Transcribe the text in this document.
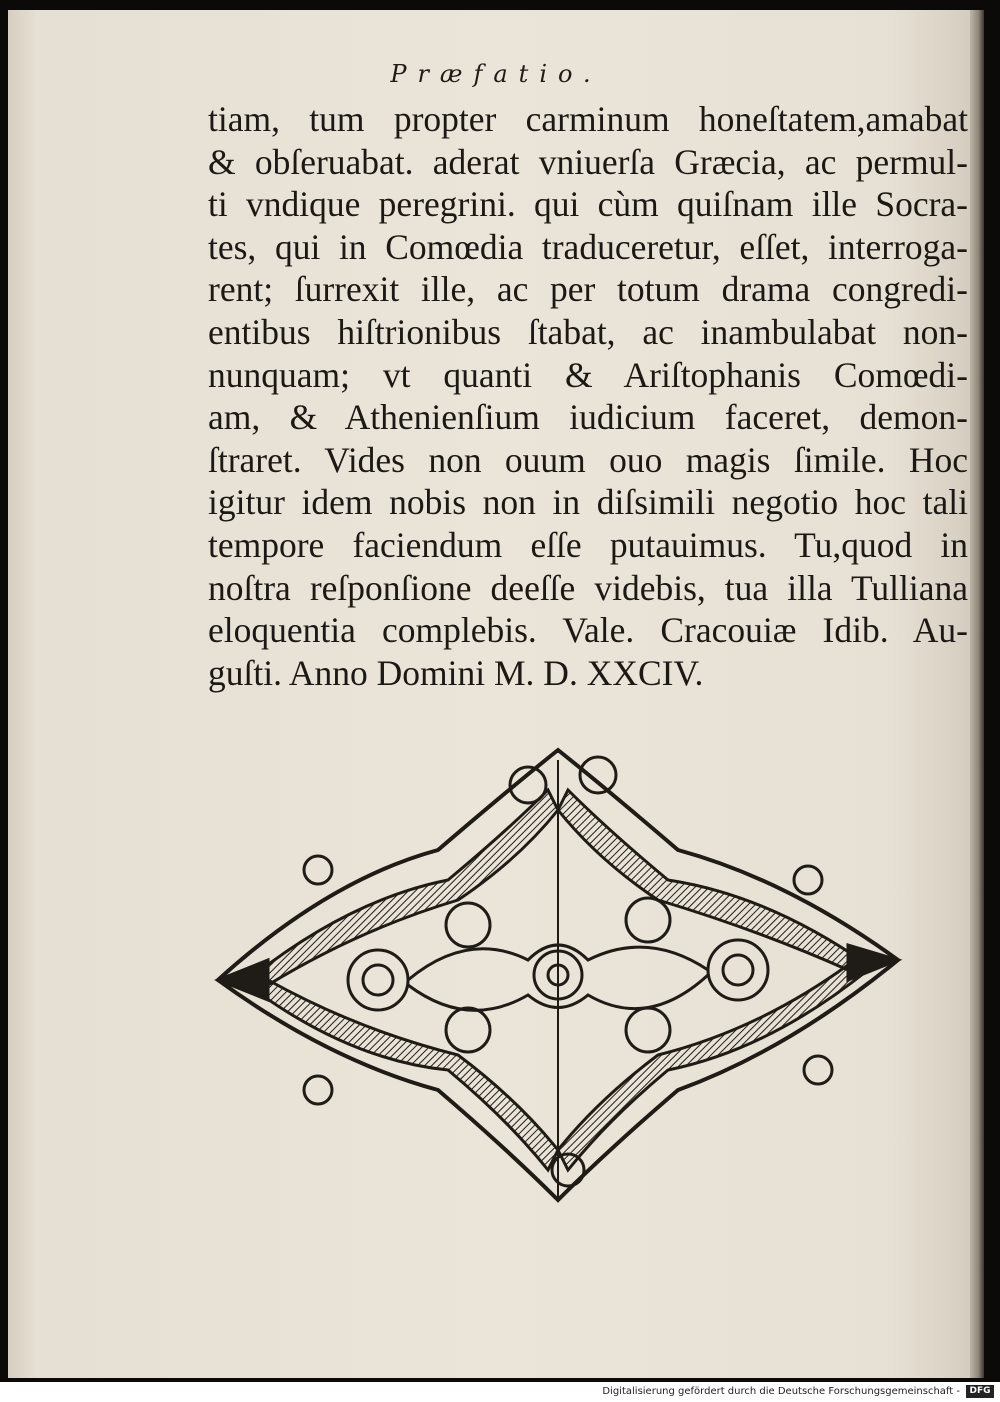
Præfatio.
tiam, tum propter carminum honeſtatem,amabat
& obſeruabat. aderat vniuerſa Græcia, ac permul-
ti vndique peregrini. qui cùm quiſnam ille Socra-
tes, qui in Comœdia traduceretur, eſſet, interroga-
rent; ſurrexit ille, ac per totum drama congredi-
entibus hiſtrionibus ſtabat, ac inambulabat non-
nunquam; vt quanti & Ariſtophanis Comœdi-
am, & Athenienſium iudicium faceret, demon-
ſtraret. Vides non ouum ouo magis ſimile. Hoc
igitur idem nobis non in diſsimili negotio hoc tali
tempore faciendum eſſe putauimus. Tu,quod in
noſtra reſponſione deeſſe videbis, tua illa Tulliana
eloquentia complebis. Vale. Cracouiæ Idib. Au-
guſti. Anno Domini M. D. XXCIV.
Digitalisierung gefördert durch die Deutsche Forschungsgemeinschaft -	DFG
